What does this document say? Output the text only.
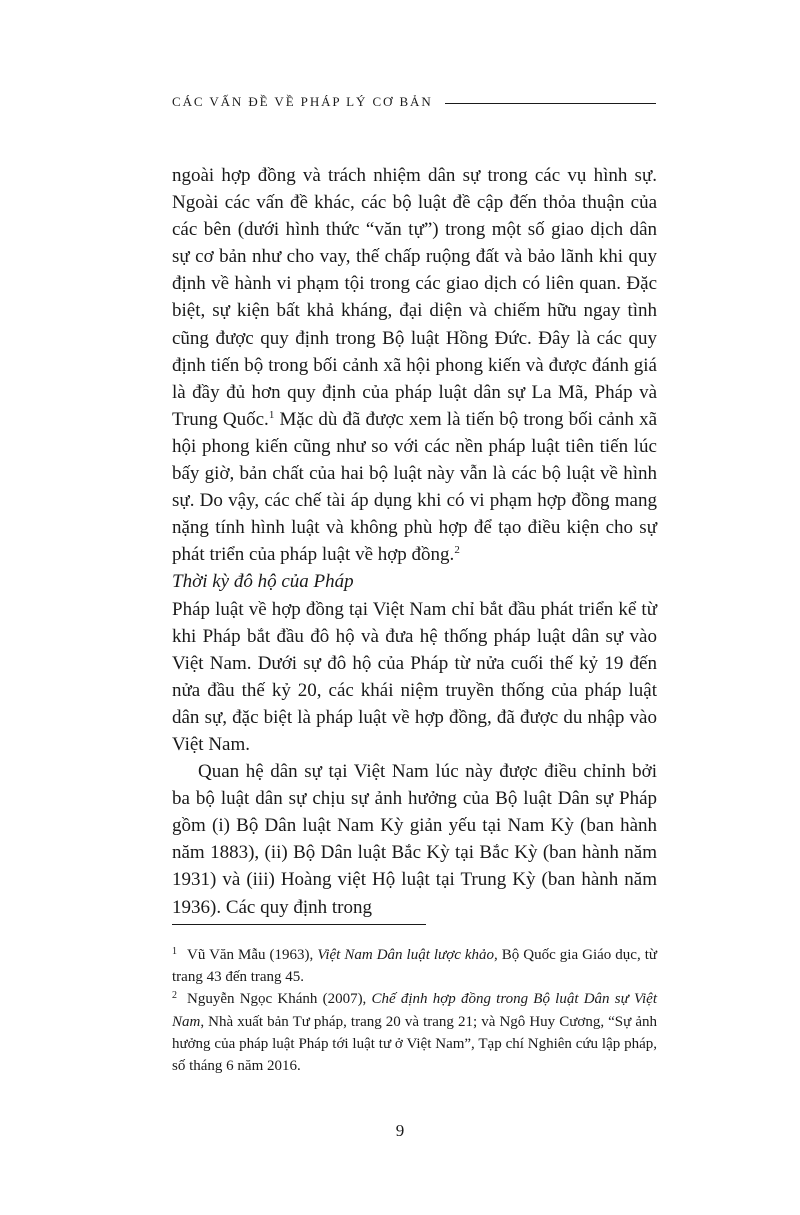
CÁC VẤN ĐỀ VỀ PHÁP LÝ CƠ BẢN

ngoài hợp đồng và trách nhiệm dân sự trong các vụ hình sự. Ngoài các vấn đề khác, các bộ luật đề cập đến thỏa thuận của các bên (dưới hình thức “văn tự”) trong một số giao dịch dân sự cơ bản như cho vay, thế chấp ruộng đất và bảo lãnh khi quy định về hành vi phạm tội trong các giao dịch có liên quan. Đặc biệt, sự kiện bất khả kháng, đại diện và chiếm hữu ngay tình cũng được quy định trong Bộ luật Hồng Đức. Đây là các quy định tiến bộ trong bối cảnh xã hội phong kiến và được đánh giá là đầy đủ hơn quy định của pháp luật dân sự La Mã, Pháp và Trung Quốc.$^1$ Mặc dù đã được xem là tiến bộ trong bối cảnh xã hội phong kiến cũng như so với các nền pháp luật tiên tiến lúc bấy giờ, bản chất của hai bộ luật này vẫn là các bộ luật về hình sự. Do vậy, các chế tài áp dụng khi có vi phạm hợp đồng mang nặng tính hình luật và không phù hợp để tạo điều kiện cho sự phát triển của pháp luật về hợp đồng.$^2$

Thời kỳ đô hộ của Pháp

Pháp luật về hợp đồng tại Việt Nam chỉ bắt đầu phát triển kể từ khi Pháp bắt đầu đô hộ và đưa hệ thống pháp luật dân sự vào Việt Nam. Dưới sự đô hộ của Pháp từ nửa cuối thế kỷ 19 đến nửa đầu thế kỷ 20, các khái niệm truyền thống của pháp luật dân sự, đặc biệt là pháp luật về hợp đồng, đã được du nhập vào Việt Nam.

Quan hệ dân sự tại Việt Nam lúc này được điều chỉnh bởi ba bộ luật dân sự chịu sự ảnh hưởng của Bộ luật Dân sự Pháp gồm (i) Bộ Dân luật Nam Kỳ giản yếu tại Nam Kỳ (ban hành năm 1883), (ii) Bộ Dân luật Bắc Kỳ tại Bắc Kỳ (ban hành năm 1931) và (iii) Hoàng việt Hộ luật tại Trung Kỳ (ban hành năm 1936). Các quy định trong

$^1$ Vũ Văn Mẫu (1963), Việt Nam Dân luật lược khảo, Bộ Quốc gia Giáo dục, từ trang 43 đến trang 45.

$^2$ Nguyễn Ngọc Khánh (2007), Chế định hợp đồng trong Bộ luật Dân sự Việt Nam, Nhà xuất bản Tư pháp, trang 20 và trang 21; và Ngô Huy Cương, “Sự ảnh hưởng của pháp luật Pháp tới luật tư ở Việt Nam”, Tạp chí Nghiên cứu lập pháp, số tháng 6 năm 2016.

9
